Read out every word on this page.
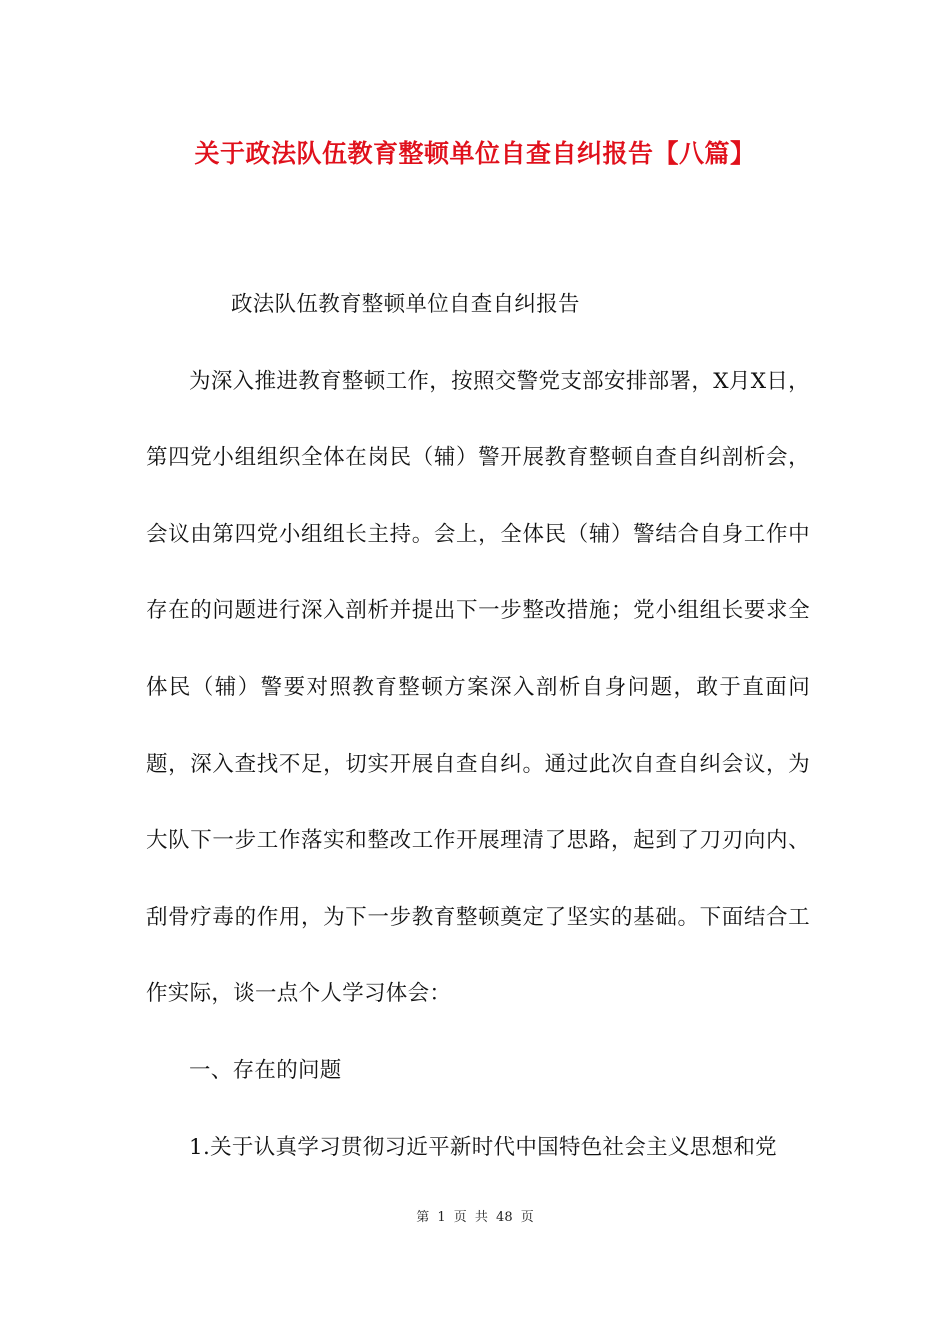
关于政法队伍教育整顿单位自查自纠报告【八篇】

政法队伍教育整顿单位自查自纠报告

为深入推进教育整顿工作，按照交警党支部安排部署，X月X日，第四党小组组织全体在岗民（辅）警开展教育整顿自查自纠剖析会，会议由第四党小组组长主持。会上，全体民（辅）警结合自身工作中存在的问题进行深入剖析并提出下一步整改措施；党小组组长要求全体民（辅）警要对照教育整顿方案深入剖析自身问题，敢于直面问题，深入查找不足，切实开展自查自纠。通过此次自查自纠会议，为大队下一步工作落实和整改工作开展理清了思路，起到了刀刃向内、刮骨疗毒的作用，为下一步教育整顿奠定了坚实的基础。下面结合工作实际，谈一点个人学习体会：

一、存在的问题

1.关于认真学习贯彻习近平新时代中国特色社会主义思想和党

第 1 页 共 48 页
